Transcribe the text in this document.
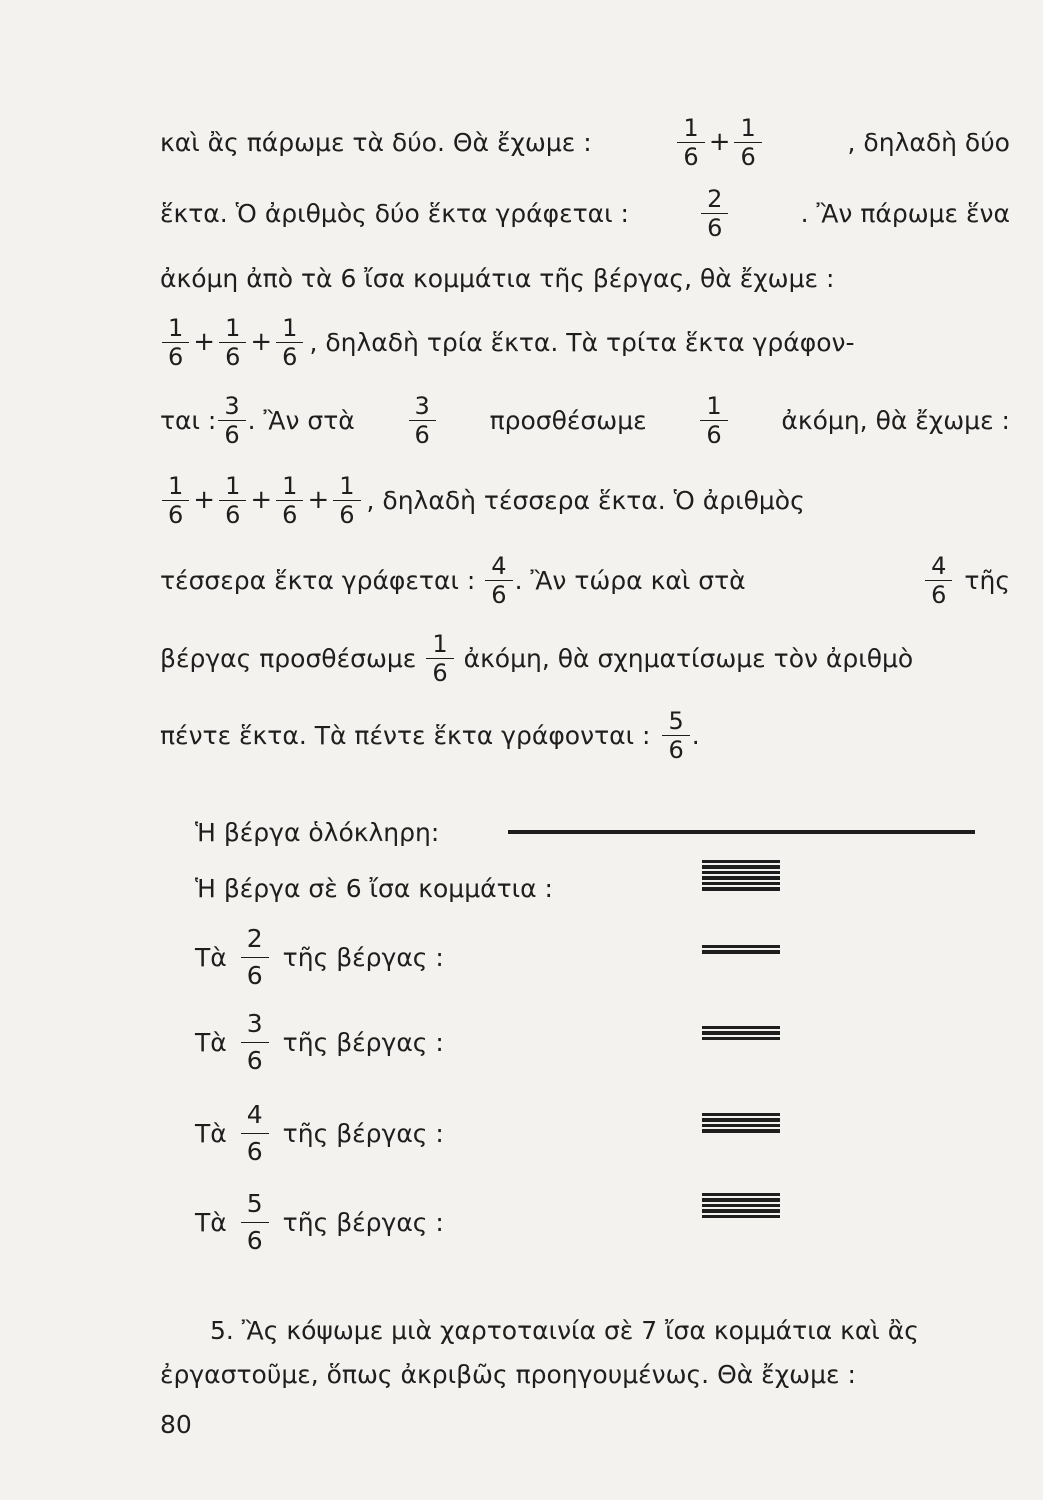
καὶ ἂς πάρωμε τὰ δύο. Θὰ ἔχωμε :	$\frac{1}{6} + \frac{1}{6}$	, δηλαδὴ δύο
ἕκτα. Ὁ ἀριθμὸς δύο ἕκτα γράφεται :	$\frac{2}{6}$	. Ἂν πάρωμε ἕνα
ἀκόμη ἀπὸ τὰ 6 ἴσα κομμάτια τῆς βέργας, θὰ ἔχωμε :
$\frac{1}{6} + \frac{1}{6} + \frac{1}{6}$ , δηλαδὴ τρία ἕκτα. Τὰ τρίτα ἕκτα γράφον-
ται : $\frac{3}{6}$ . Ἂν στὰ $\frac{3}{6}$ προσθέσωμε $\frac{1}{6}$ ἀκόμη, θὰ ἔχωμε :
$\frac{1}{6} + \frac{1}{6} + \frac{1}{6} + \frac{1}{6}$ , δηλαδὴ τέσσερα ἕκτα. Ὁ ἀριθμὸς
τέσσερα ἕκτα γράφεται : $\frac{4}{6}$ . Ἂν τώρα καὶ στὰ	$\frac{4}{6}$ τῆς
βέργας προσθέσωμε $\frac{1}{6}$ ἀκόμη, θὰ σχηματίσωμε τὸν ἀριθμὸ
πέντε ἕκτα. Τὰ πέντε ἕκτα γράφονται : $\frac{5}{6}$ .
Ἡ βέργα ὁλόκληρη:
Ἡ βέργα σὲ 6 ἴσα κομμάτια :
Τὰ $\frac{2}{6}$ τῆς βέργας :
Τὰ $\frac{3}{6}$ τῆς βέργας :
Τὰ $\frac{4}{6}$ τῆς βέργας :
Τὰ $\frac{5}{6}$ τῆς βέργας :
5. Ἂς κόψωμε μιὰ χαρτοταινία σὲ 7 ἴσα κομμάτια καὶ ἂς
ἐργαστοῦμε, ὅπως ἀκριβῶς προηγουμένως. Θὰ ἔχωμε :
80
